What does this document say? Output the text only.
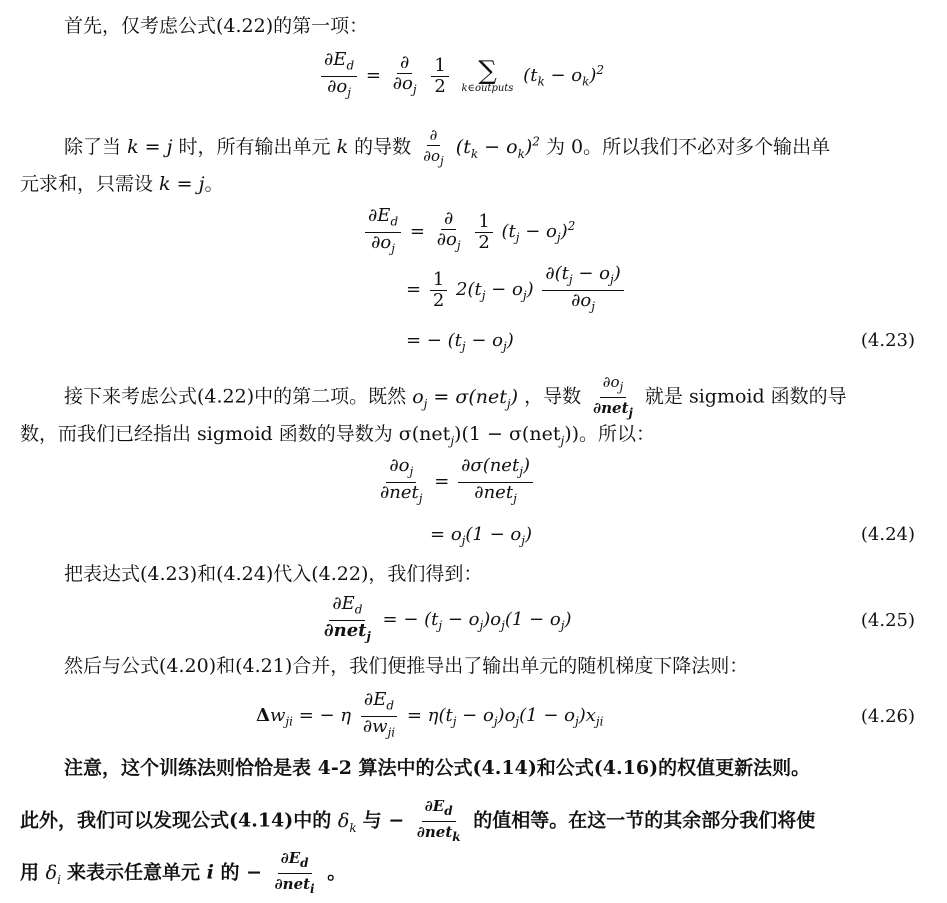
首先，仅考虑公式(4.22)的第一项：
$\frac{\partial E_d}{\partial o_j} = \frac{\partial}{\partial o_j}$
$\frac{1}{2}$
∑
k∈outputs
$(t_k - o_k)^2$
除了当 k = j 时，所有输出单元 k 的导数 $\frac{\partial}{\partial o_j} (t_k - o_k)^2$ 为 0。所以我们不必对多个输出单
元求和，只需设 k = j。
$\frac{\partial E_d}{\partial o_j} = \frac{\partial}{\partial o_j}$
$\frac{1}{2} (t_j - o_j)^2$
= $\frac{1}{2} 2(t_j - o_j) \frac{\partial(t_j - o_j)}{\partial o_j}$
= − $(t_j - o_j)$	(4.23)
接下来考虑公式(4.22)中的第二项。既然 $o_j = \sigma(net_j)$ ，导数 $\frac{\partial o_j}{\partial net_j}$ 就是 sigmoid 函数的导
数，而我们已经指出 sigmoid 函数的导数为 σ(net$_j$)(1 − σ(net$_j$))。所以：
$\frac{\partial o_j}{\partial net_j} = \frac{\partial\sigma(net_j)}{\partial net_j}$
= $o_j(1 - o_j)$	(4.24)
把表达式(4.23)和(4.24)代入(4.22)，我们得到：
$\frac{\partial E_d}{\partial net_j}$ = − $(t_j - o_j)o_j(1 - o_j)$	(4.25)
然后与公式(4.20)和(4.21)合并，我们便推导出了输出单元的随机梯度下降法则：
$\Delta w_{ji}$ = − η $\frac{\partial E_d}{\partial w_{ji}} = \eta(t_j - o_j)o_j(1 - o_j)x_{ji}$	(4.26)
注意，这个训练法则恰恰是表 4-2 算法中的公式(4.14)和公式(4.16)的权值更新法则。
此外，我们可以发现公式(4.14)中的 $\delta_k$ 与 − $\frac{\partial E_d}{\partial net_k}$ 的值相等。在这一节的其余部分我们将使
用 $\delta_i$ 来表示任意单元 i 的 − $\frac{\partial E_d}{\partial net_i}$ 。
